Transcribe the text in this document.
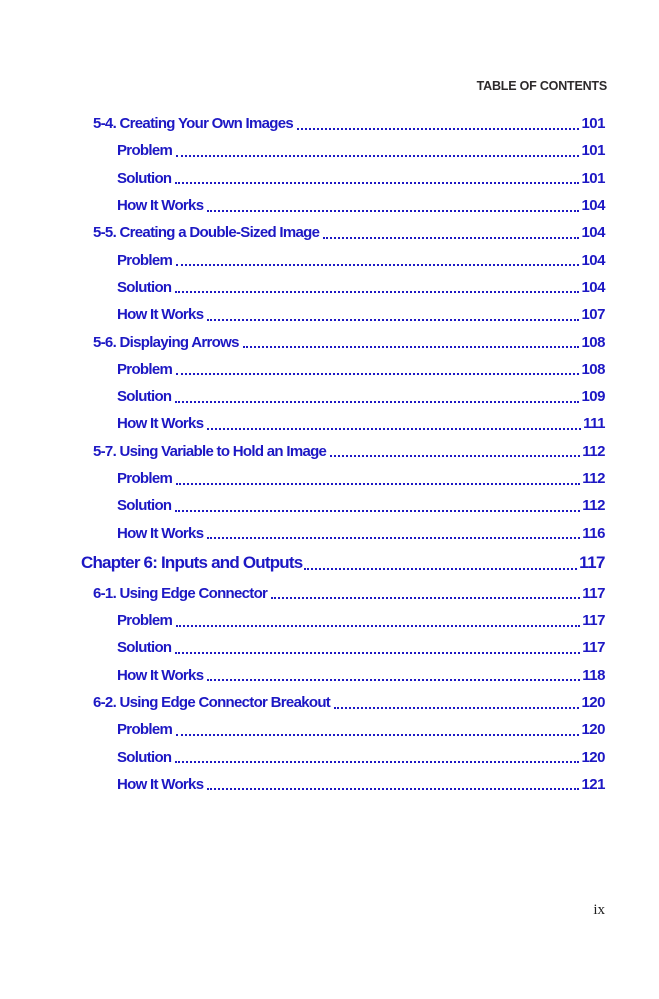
TABLE OF CONTENTS
5-4. Creating Your Own Images	101
Problem	101
Solution	101
How It Works	104
5-5. Creating a Double-Sized Image	104
Problem	104
Solution	104
How It Works	107
5-6. Displaying Arrows	108
Problem	108
Solution	109
How It Works	111
5-7. Using Variable to Hold an Image	112
Problem	112
Solution	112
How It Works	116
Chapter 6: Inputs and Outputs	117
6-1. Using Edge Connector	117
Problem	117
Solution	117
How It Works	118
6-2. Using Edge Connector Breakout	120
Problem	120
Solution	120
How It Works	121
ix
